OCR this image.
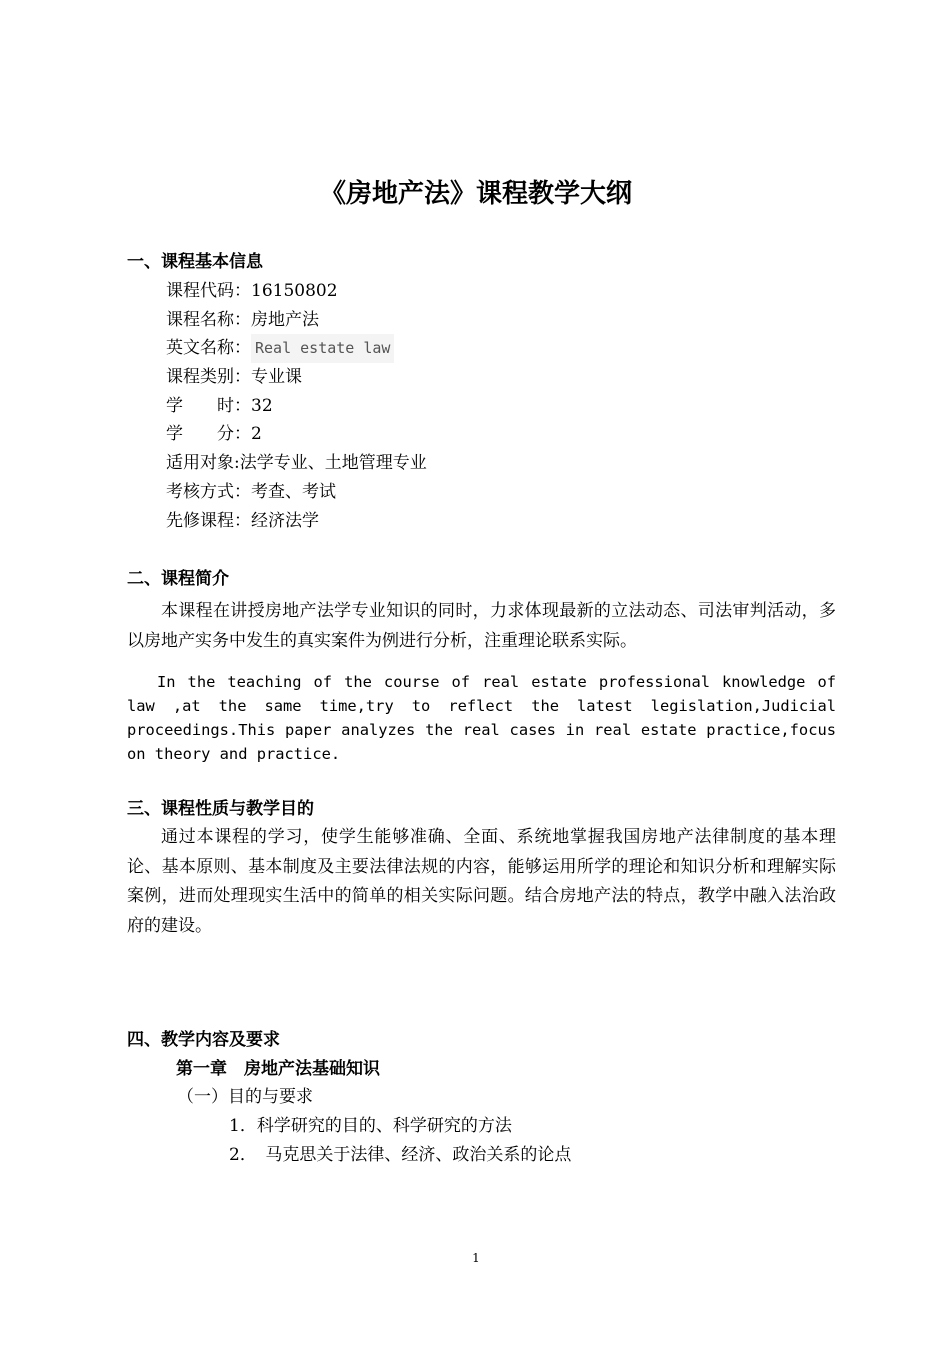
《房地产法》课程教学大纲
一、课程基本信息
课程代码：16150802
课程名称：房地产法
英文名称： Real estate law
课程类别：专业课
学　　时：32
学　　分：2
适用对象:法学专业、土地管理专业
考核方式：考查、考试
先修课程：经济法学
二、课程简介

本课程在讲授房地产法学专业知识的同时，力求体现最新的立法动态、司法审判活动，多以房地产实务中发生的真实案件为例进行分析，注重理论联系实际。

In the teaching of the course of real estate professional knowledge of law ,at the same time,try to reflect the latest legislation,Judicial proceedings.This paper analyzes the real cases in real estate practice,focus on theory and practice.

三、课程性质与教学目的

通过本课程的学习，使学生能够准确、全面、系统地掌握我国房地产法律制度的基本理论、基本原则、基本制度及主要法律法规的内容，能够运用所学的理论和知识分析和理解实际案例，进而处理现实生活中的简单的相关实际问题。结合房地产法的特点，教学中融入法治政府的建设。

四、教学内容及要求
第一章　房地产法基础知识
（一）目的与要求
1．科学研究的目的、科学研究的方法
2．　马克思关于法律、经济、政治关系的论点
1
